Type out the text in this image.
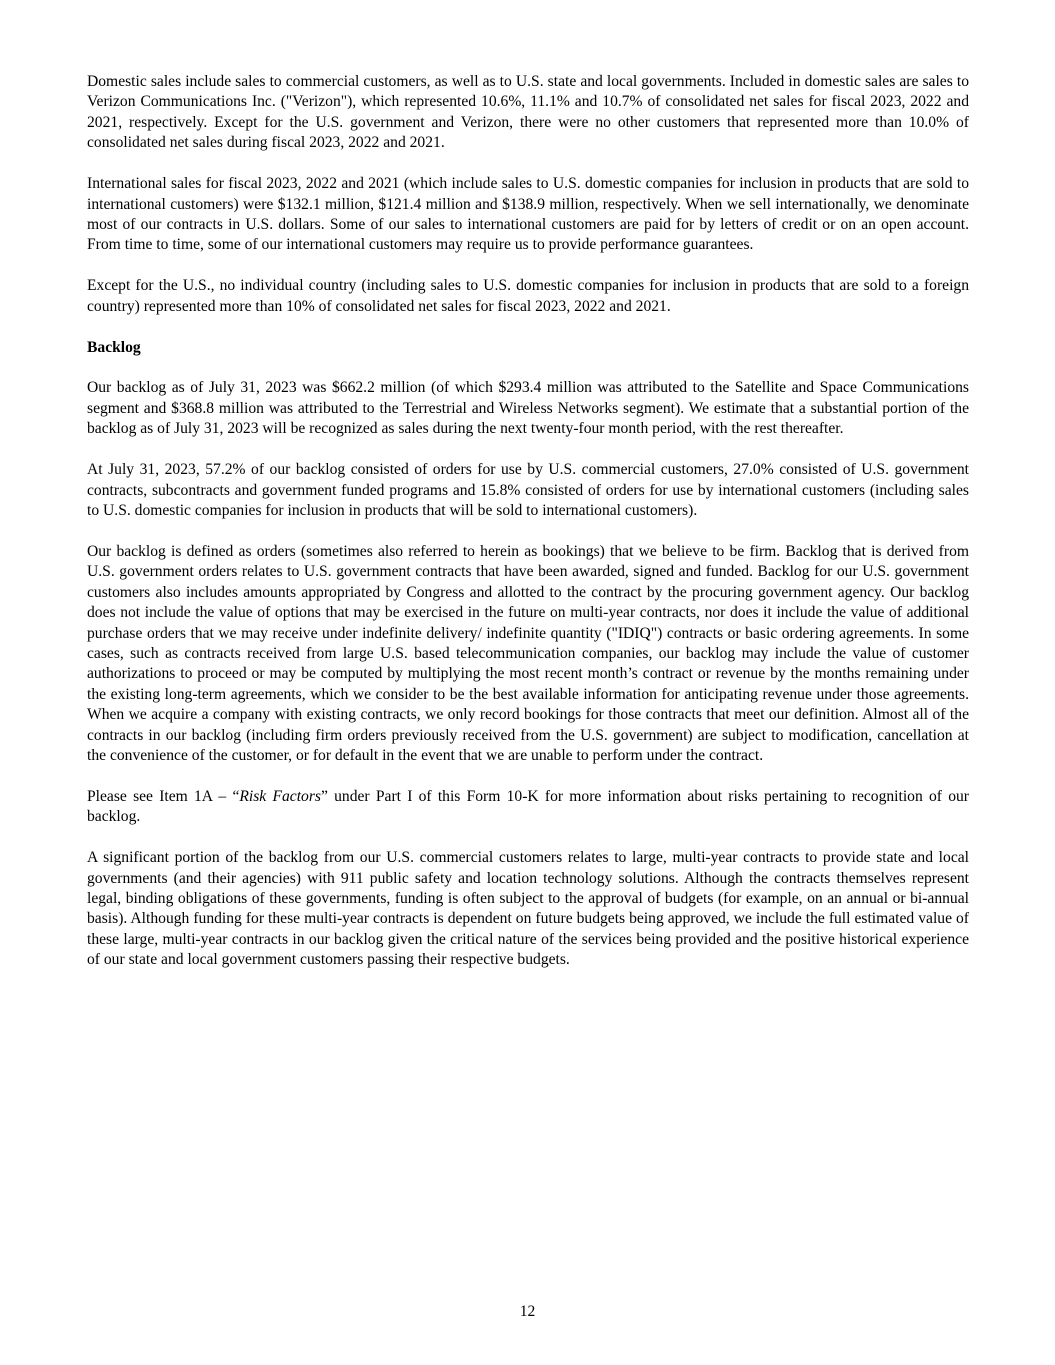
Domestic sales include sales to commercial customers, as well as to U.S. state and local governments. Included in domestic sales are sales to Verizon Communications Inc. ("Verizon"), which represented 10.6%, 11.1% and 10.7% of consolidated net sales for fiscal 2023, 2022 and 2021, respectively. Except for the U.S. government and Verizon, there were no other customers that represented more than 10.0% of consolidated net sales during fiscal 2023, 2022 and 2021.

International sales for fiscal 2023, 2022 and 2021 (which include sales to U.S. domestic companies for inclusion in products that are sold to international customers) were $132.1 million, $121.4 million and $138.9 million, respectively. When we sell internationally, we denominate most of our contracts in U.S. dollars. Some of our sales to international customers are paid for by letters of credit or on an open account. From time to time, some of our international customers may require us to provide performance guarantees.

Except for the U.S., no individual country (including sales to U.S. domestic companies for inclusion in products that are sold to a foreign country) represented more than 10% of consolidated net sales for fiscal 2023, 2022 and 2021.

Backlog

Our backlog as of July 31, 2023 was $662.2 million (of which $293.4 million was attributed to the Satellite and Space Communications segment and $368.8 million was attributed to the Terrestrial and Wireless Networks segment). We estimate that a substantial portion of the backlog as of July 31, 2023 will be recognized as sales during the next twenty-four month period, with the rest thereafter.

At July 31, 2023, 57.2% of our backlog consisted of orders for use by U.S. commercial customers, 27.0% consisted of U.S. government contracts, subcontracts and government funded programs and 15.8% consisted of orders for use by international customers (including sales to U.S. domestic companies for inclusion in products that will be sold to international customers).

Our backlog is defined as orders (sometimes also referred to herein as bookings) that we believe to be firm. Backlog that is derived from U.S. government orders relates to U.S. government contracts that have been awarded, signed and funded. Backlog for our U.S. government customers also includes amounts appropriated by Congress and allotted to the contract by the procuring government agency. Our backlog does not include the value of options that may be exercised in the future on multi-year contracts, nor does it include the value of additional purchase orders that we may receive under indefinite delivery/ indefinite quantity ("IDIQ") contracts or basic ordering agreements. In some cases, such as contracts received from large U.S. based telecommunication companies, our backlog may include the value of customer authorizations to proceed or may be computed by multiplying the most recent month’s contract or revenue by the months remaining under the existing long-term agreements, which we consider to be the best available information for anticipating revenue under those agreements. When we acquire a company with existing contracts, we only record bookings for those contracts that meet our definition. Almost all of the contracts in our backlog (including firm orders previously received from the U.S. government) are subject to modification, cancellation at the convenience of the customer, or for default in the event that we are unable to perform under the contract.

Please see Item 1A – “Risk Factors” under Part I of this Form 10-K for more information about risks pertaining to recognition of our backlog.

A significant portion of the backlog from our U.S. commercial customers relates to large, multi-year contracts to provide state and local governments (and their agencies) with 911 public safety and location technology solutions. Although the contracts themselves represent legal, binding obligations of these governments, funding is often subject to the approval of budgets (for example, on an annual or bi-annual basis). Although funding for these multi-year contracts is dependent on future budgets being approved, we include the full estimated value of these large, multi-year contracts in our backlog given the critical nature of the services being provided and the positive historical experience of our state and local government customers passing their respective budgets.

12
